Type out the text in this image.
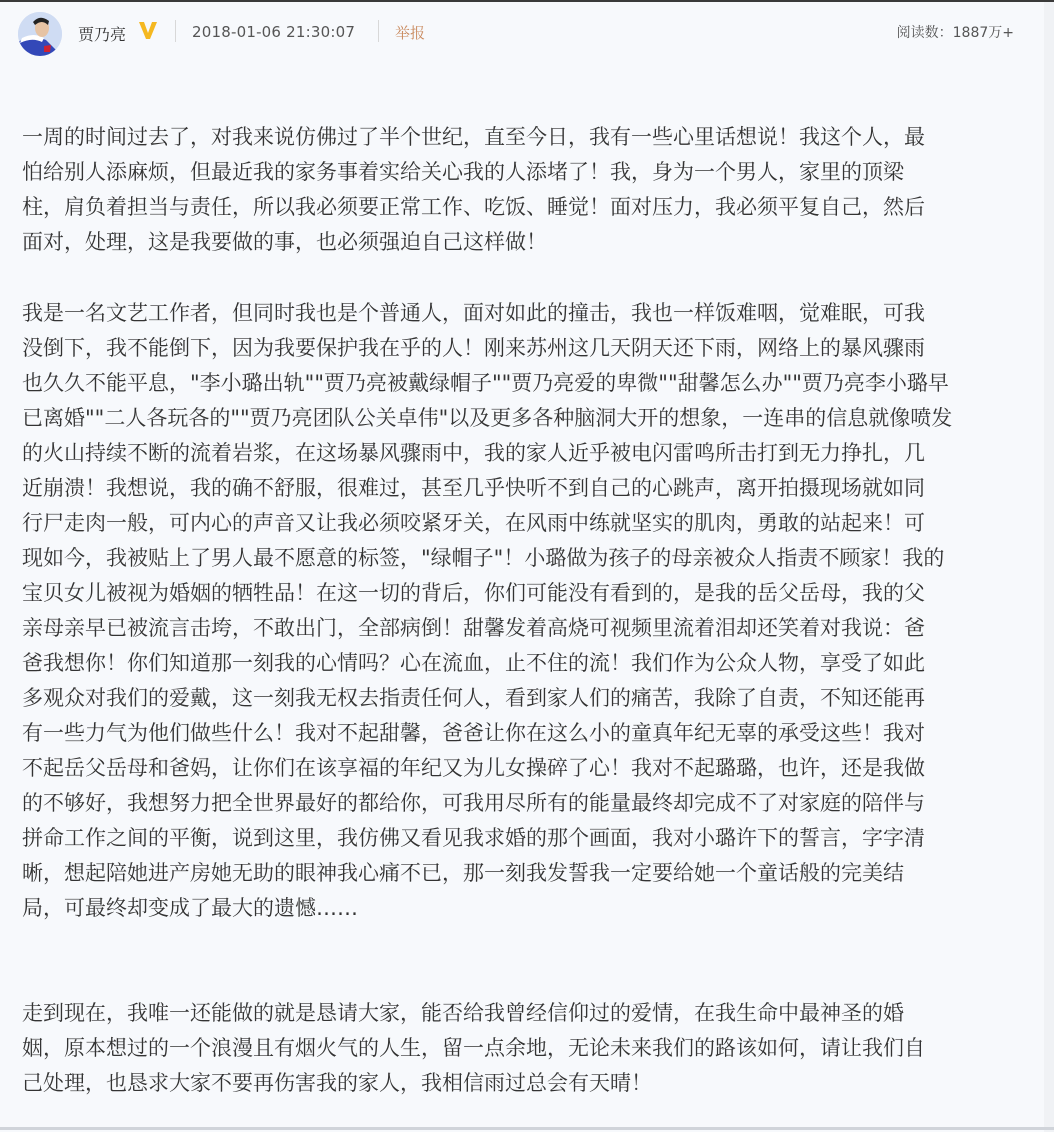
贾乃亮	2018-01-06 21:30:07	举报	阅读数：1887万+
一周的时间过去了，对我来说仿佛过了半个世纪，直至今日，我有一些心里话想说！我这个人，最
怕给别人添麻烦，但最近我的家务事着实给关心我的人添堵了！我，身为一个男人，家里的顶梁
柱，肩负着担当与责任，所以我必须要正常工作、吃饭、睡觉！面对压力，我必须平复自己，然后
面对，处理，这是我要做的事，也必须强迫自己这样做！
我是一名文艺工作者，但同时我也是个普通人，面对如此的撞击，我也一样饭难咽，觉难眠，可我
没倒下，我不能倒下，因为我要保护我在乎的人！刚来苏州这几天阴天还下雨，网络上的暴风骤雨
也久久不能平息，"李小璐出轨""贾乃亮被戴绿帽子""贾乃亮爱的卑微""甜馨怎么办""贾乃亮李小璐早
已离婚""二人各玩各的""贾乃亮团队公关卓伟"以及更多各种脑洞大开的想象，一连串的信息就像喷发
的火山持续不断的流着岩浆，在这场暴风骤雨中，我的家人近乎被电闪雷鸣所击打到无力挣扎，几
近崩溃！我想说，我的确不舒服，很难过，甚至几乎快听不到自己的心跳声，离开拍摄现场就如同
行尸走肉一般，可内心的声音又让我必须咬紧牙关，在风雨中练就坚实的肌肉，勇敢的站起来！可
现如今，我被贴上了男人最不愿意的标签，"绿帽子"！小璐做为孩子的母亲被众人指责不顾家！我的
宝贝女儿被视为婚姻的牺牲品！在这一切的背后，你们可能没有看到的，是我的岳父岳母，我的父
亲母亲早已被流言击垮，不敢出门，全部病倒！甜馨发着高烧可视频里流着泪却还笑着对我说：爸
爸我想你！你们知道那一刻我的心情吗？心在流血，止不住的流！我们作为公众人物，享受了如此
多观众对我们的爱戴，这一刻我无权去指责任何人，看到家人们的痛苦，我除了自责，不知还能再
有一些力气为他们做些什么！我对不起甜馨，爸爸让你在这么小的童真年纪无辜的承受这些！我对
不起岳父岳母和爸妈，让你们在该享福的年纪又为儿女操碎了心！我对不起璐璐，也许，还是我做
的不够好，我想努力把全世界最好的都给你，可我用尽所有的能量最终却完成不了对家庭的陪伴与
拼命工作之间的平衡，说到这里，我仿佛又看见我求婚的那个画面，我对小璐许下的誓言，字字清
晰，想起陪她进产房她无助的眼神我心痛不已，那一刻我发誓我一定要给她一个童话般的完美结
局，可最终却变成了最大的遗憾……
走到现在，我唯一还能做的就是恳请大家，能否给我曾经信仰过的爱情，在我生命中最神圣的婚
姻，原本想过的一个浪漫且有烟火气的人生，留一点余地，无论未来我们的路该如何，请让我们自
己处理，也恳求大家不要再伤害我的家人，我相信雨过总会有天晴！
